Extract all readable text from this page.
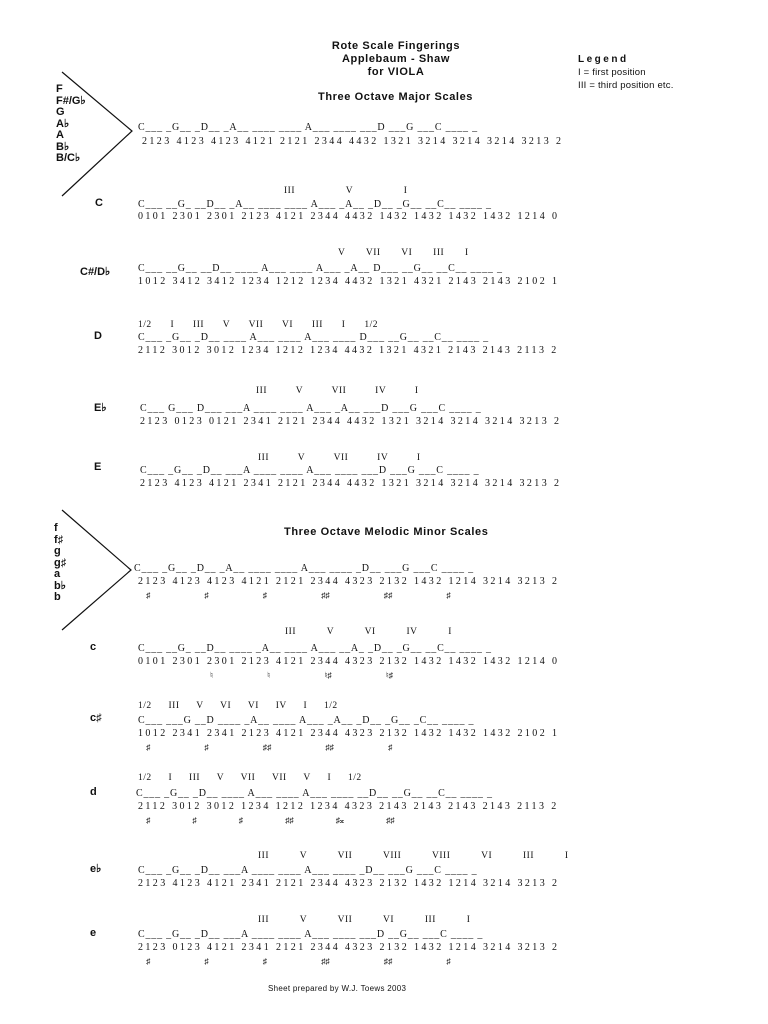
Rote Scale Fingerings
Applebaum - Shaw
for VIOLA
Legend
I = first position
III = third position etc.
Three Octave Major Scales
F
F#/G♭
G
A♭
A
B♭
B/C♭
C___ _G__ _D__ _A__ ____ ____ A___ ____ ___D ___G ___C ____ _
2123 4123 4123 4121 2121 2344 4432 1321 3214 3214 3214 3213 2
C
III V I
C___ __G_ __D__ _A__ ____ ____ A___ _A__ _D__ _G__ __C__ ____ _
0101 2301 2301 2123 4121 2344 4432 1432 1432 1432 1432 1214 0
C#/D♭
V VII VI III I
C___ __G__ __D__ ____ A___ ____ A___ _A__ D___ __G__ __C__ ____ _
1012 3412 3412 1234 1212 1234 4432 1321 4321 2143 2143 2102 1
D
1/2 I III V VII VI III I 1/2
C___ _G__ _D__ ____ A___ ____ A___ ____ D___ __G__ __C__ ____ _
2112 3012 3012 1234 1212 1234 4432 1321 4321 2143 2143 2113 2
E♭
III V VII IV I
C___ G___ D___ ___A ____ ____ A___ _A__ ___D ___G ___C ____ _
2123 0123 0121 2341 2121 2344 4432 1321 3214 3214 3214 3213 2
E
III V VII IV I
C___ _G__ _D__ ___A ____ ____ A___ ____ ___D ___G ___C ____ _
2123 4123 4121 2341 2121 2344 4432 1321 3214 3214 3214 3213 2
Three Octave Melodic Minor Scales
f
f♯
g
g♯
a
b♭
b
C___ _G__ _D__ _A__ ____ ____ A___ ____ _D__ ___G ___C ____ _
2123 4123 4123 4121 2121 2344 4323 2132 1432 1214 3214 3213 2
♯ ♯ ♯ ♯♯ ♯♯ ♯
c
III V VI IV I
C___ __G_ __D__ ____ _A__ ____ A___ __A_ _D__ _G__ __C__ ____ _
0101 2301 2301 2123 4121 2344 4323 2132 1432 1432 1432 1214 0
♮ ♮ ♮♯ ♮♯
c♯
1/2 III V VI VI IV I 1/2
C___ ___G __D ____ _A__ ____ A___ _A__ _D__ _G__ _C__ ____ _
1012 2341 2341 2123 4121 2344 4323 2132 1432 1432 1432 2102 1
♯ ♯ ♯♯ ♯♯ ♯
d
1/2 I III V VII VII V I 1/2
C___ _G__ _D__ ____ A___ ____ A___ ____ __D__ __G__ __C__ ____ _
2112 3012 3012 1234 1212 1234 4323 2143 2143 2143 2143 2113 2
♯ ♯ ♯ ♯♯ ♯𝄪 ♯♯
e♭
III V VII VIII VIII VI III I
C___ _G__ _D__ ___A ____ ____ A___ ____ _D__ ___G ___C ____ _
2123 4123 4121 2341 2121 2344 4323 2132 1432 1214 3214 3213 2
e
III V VII VI III I
C___ _G__ _D__ ___A ____ ____ A___ ____ ___D __G__ ___C ____ _
2123 0123 4121 2341 2121 2344 4323 2132 1432 1214 3214 3213 2
♯ ♯ ♯ ♯♯ ♯♯ ♯
Sheet prepared by W.J. Toews 2003
